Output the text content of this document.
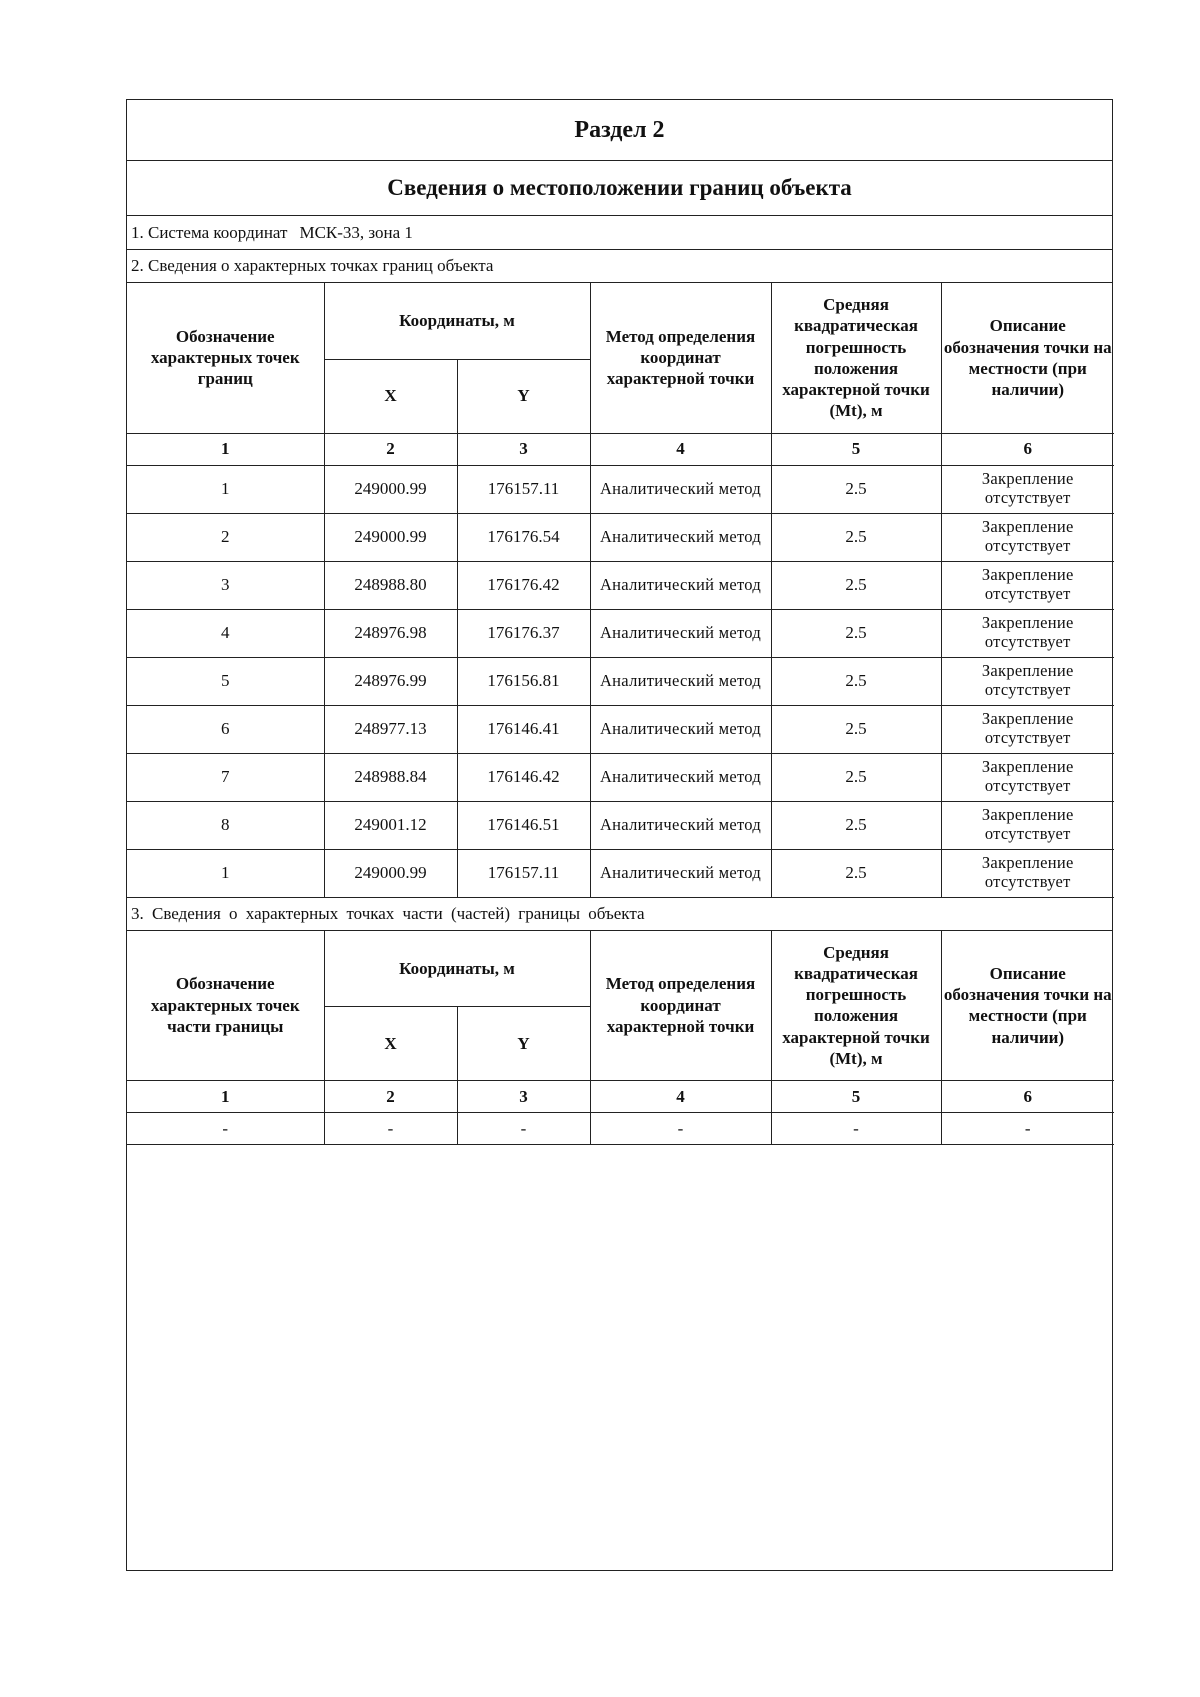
Раздел 2
Сведения о местоположении границ объекта
1. Система координат МСК-33, зона 1
2. Сведения о характерных точках границ объекта
Обозначение характерных точек границ	Координаты, м		Метод определения координат характерной точки	Средняя квадратическая погрешность положения характерной точки (Mt), м	Описание обозначения точки на местности (при наличии)
	X	Y			
1	2	3	4	5	6
1	249000.99	176157.11	Аналитический метод	2.5	Закрепление отсутствует
2	249000.99	176176.54	Аналитический метод	2.5	Закрепление отсутствует
3	248988.80	176176.42	Аналитический метод	2.5	Закрепление отсутствует
4	248976.98	176176.37	Аналитический метод	2.5	Закрепление отсутствует
5	248976.99	176156.81	Аналитический метод	2.5	Закрепление отсутствует
6	248977.13	176146.41	Аналитический метод	2.5	Закрепление отсутствует
7	248988.84	176146.42	Аналитический метод	2.5	Закрепление отсутствует
8	249001.12	176146.51	Аналитический метод	2.5	Закрепление отсутствует
1	249000.99	176157.11	Аналитический метод	2.5	Закрепление отсутствует
3. Сведения о характерных точках части (частей) границы объекта
Обозначение характерных точек части границы	Координаты, м		Метод определения координат характерной точки	Средняя квадратическая погрешность положения характерной точки (Mt), м	Описание обозначения точки на местности (при наличии)
	X	Y			
1	2	3	4	5	6
-	-	-	-	-	-
